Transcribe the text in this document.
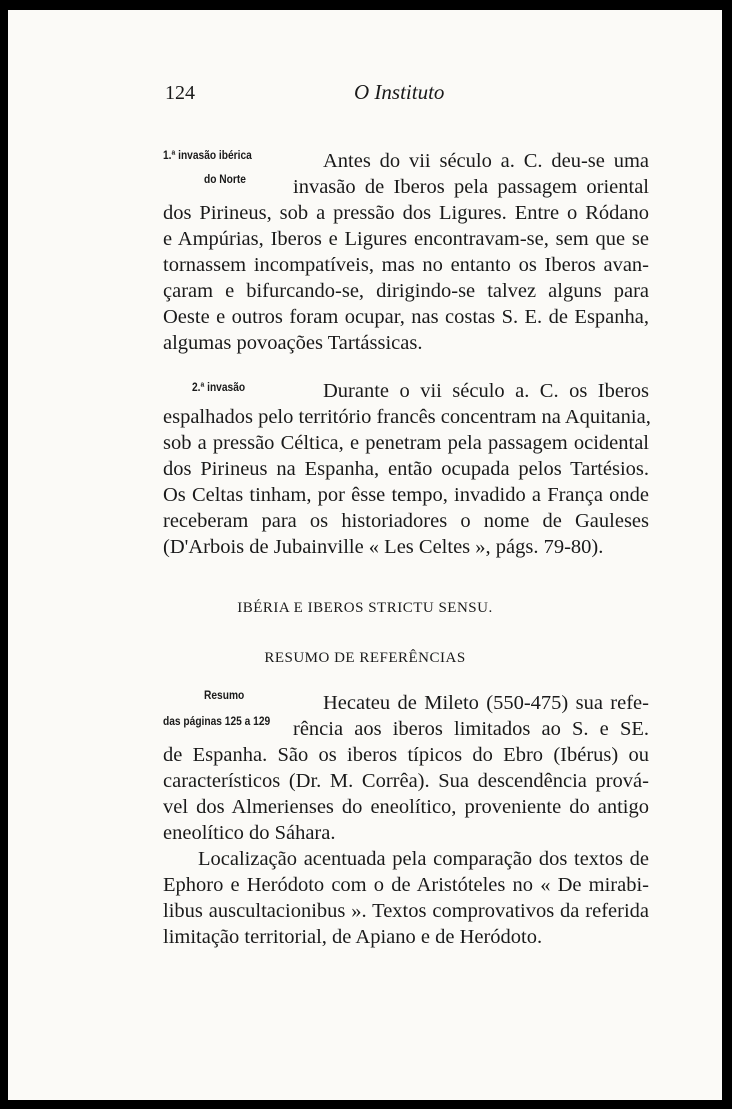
124	O Instituto
1.ª invasão ibérica
do Norte
Antes do vii século a. C. deu-se uma
invasão de Iberos pela passagem oriental
dos Pirineus, sob a pressão dos Ligures. Entre o Ródano
e Ampúrias, Iberos e Ligures encontravam-se, sem que se
tornassem incompatíveis, mas no entanto os Iberos avan-
çaram e bifurcando-se, dirigindo-se talvez alguns para
Oeste e outros foram ocupar, nas costas S. E. de Espanha,
algumas povoações Tartássicas.
2.ª invasão	Durante o vii século a. C. os Iberos
espalhados pelo território francês concentram na Aquitania,
sob a pressão Céltica, e penetram pela passagem ocidental
dos Pirineus na Espanha, então ocupada pelos Tartésios.
Os Celtas tinham, por êsse tempo, invadido a França onde
receberam para os historiadores o nome de Gauleses
(D'Arbois de Jubainville « Les Celtes », págs. 79-80).
IBÉRIA E IBEROS STRICTU SENSU.
RESUMO DE REFERÊNCIAS
Resumo
das páginas 125 a 129
Hecateu de Mileto (550-475) sua refe-
rência aos iberos limitados ao S. e SE.
de Espanha. São os iberos típicos do Ebro (Ibérus) ou
característicos (Dr. M. Corrêa). Sua descendência prová-
vel dos Almerienses do eneolítico, proveniente do antigo
eneolítico do Sáhara.
Localização acentuada pela comparação dos textos de
Ephoro e Heródoto com o de Aristóteles no « De mirabi-
libus auscultacionibus ». Textos comprovativos da referida
limitação territorial, de Apiano e de Heródoto.
